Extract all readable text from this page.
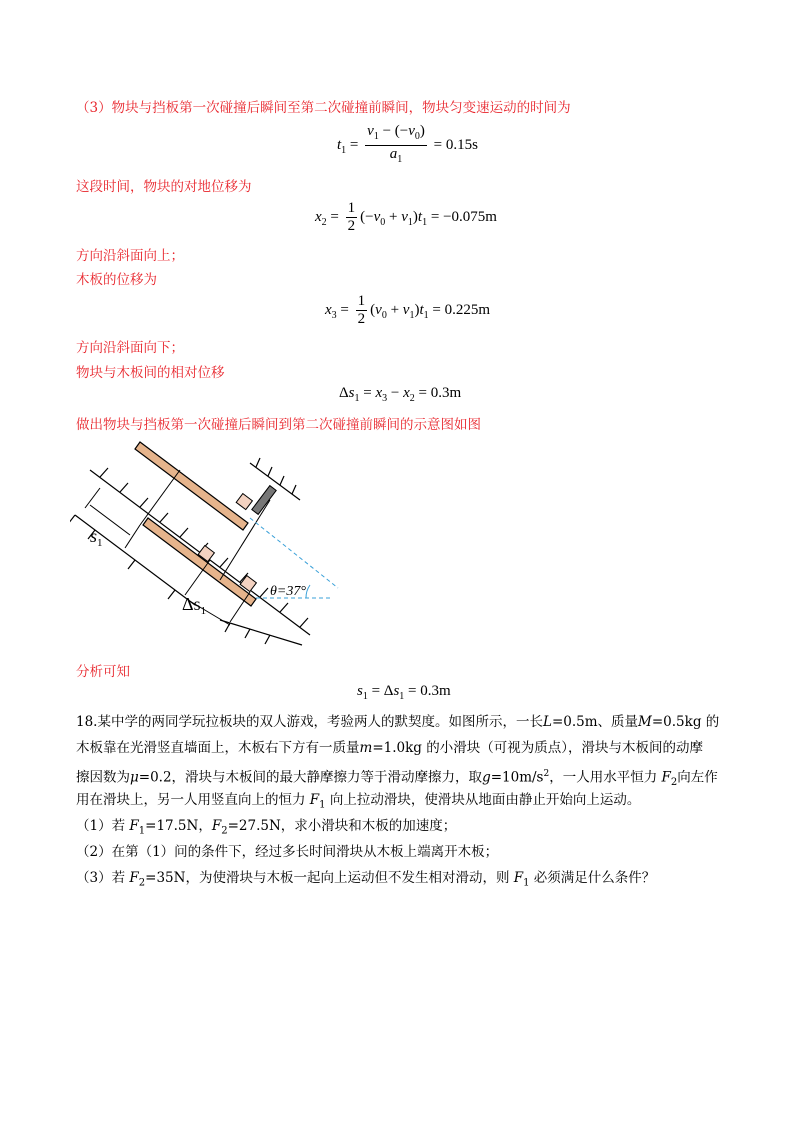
（3）物块与挡板第一次碰撞后瞬间至第二次碰撞前瞬间，物块匀变速运动的时间为
$t_1 = \frac{v_1 - (-v_0)}{a_1} = 0.15s$
这段时间，物块的对地位移为
$x_2 = \frac{1}{2} (-v_0 + v_1)t_1 = -0.075m$
方向沿斜面向上；
木板的位移为
$x_3 = \frac{1}{2} (v_0 + v_1)t_1 = 0.225m$
方向沿斜面向下；
物块与木板间的相对位移
$\Delta s_1 = x_3 - x_2 = 0.3m$
做出物块与挡板第一次碰撞后瞬间到第二次碰撞前瞬间的示意图如图
θ=37°
$s_1$
$\Delta s_1$
分析可知
$s_1 = \Delta s_1 = 0.3m$
18.某中学的两同学玩拉板块的双人游戏，考验两人的默契度。如图所示，一长L=0.5m、质量M=0.5kg 的
木板靠在光滑竖直墙面上，木板右下方有一质量m=1.0kg 的小滑块（可视为质点），滑块与木板间的动摩
擦因数为μ=0.2，滑块与木板间的最大静摩擦力等于滑动摩擦力，取$g=10m/s^2$，一人用水平恒力 $F_2$向左作
用在滑块上，另一人用竖直向上的恒力 $F_1$ 向上拉动滑块，使滑块从地面由静止开始向上运动。
（1）若 $F_1=17.5N$，$F_2=27.5N$，求小滑块和木板的加速度；
（2）在第（1）问的条件下，经过多长时间滑块从木板上端离开木板；
（3）若 $F_2=35N$，为使滑块与木板一起向上运动但不发生相对滑动，则 $F_1$ 必须满足什么条件？
